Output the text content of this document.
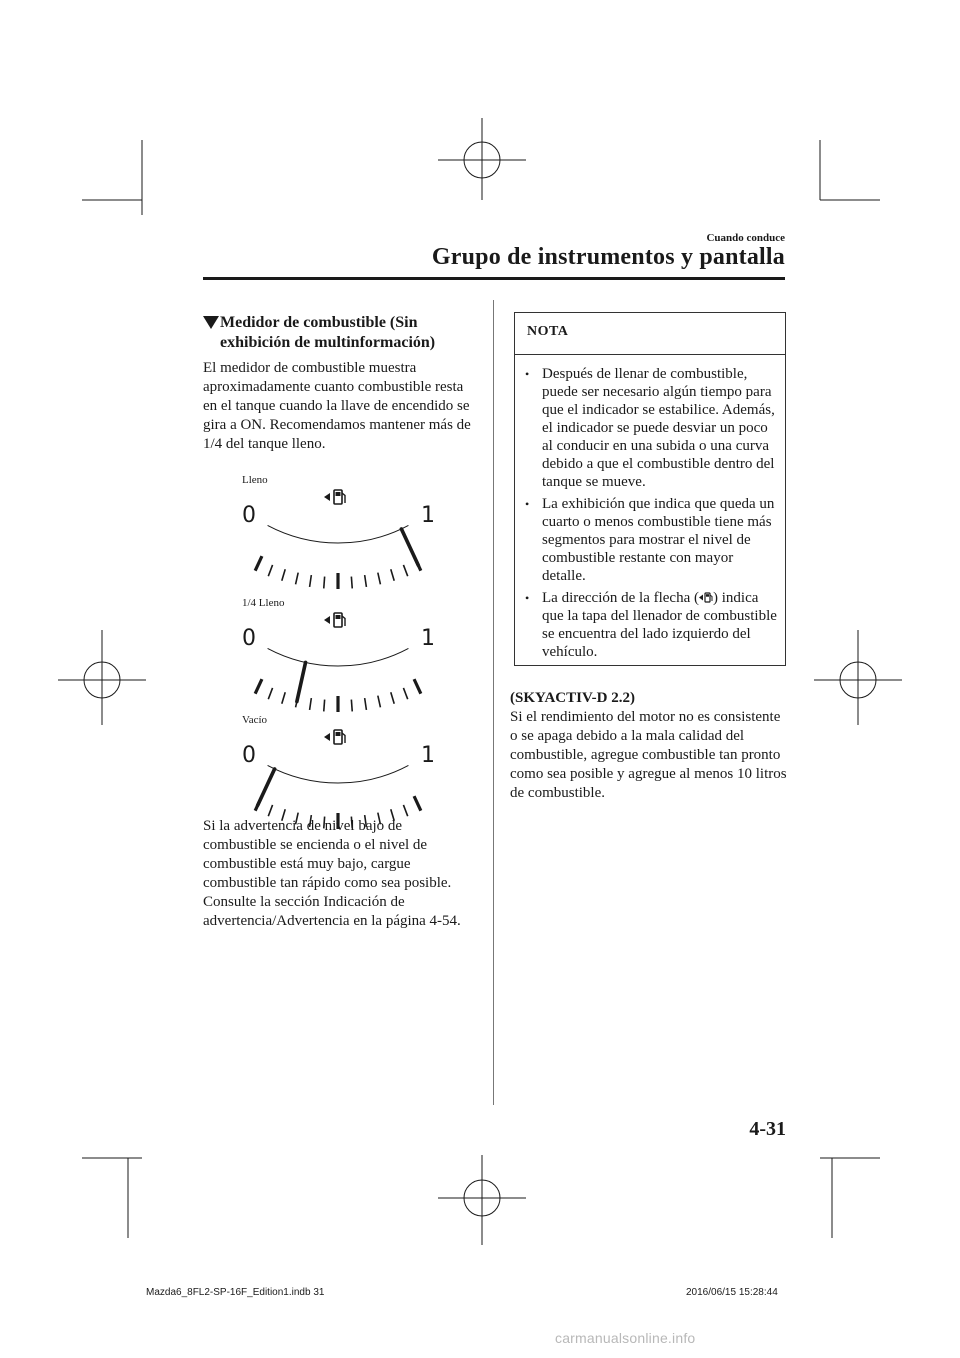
Cuando conduce
Grupo de instrumentos y pantalla
Medidor de combustible (Sin
exhibición de multinformación)
El medidor de combustible muestra aproximadamente cuanto combustible resta en el tanque cuando la llave de encendido se gira a ON. Recomendamos mantener más de 1/4 del tanque lleno.
Lleno
0	1
1/4 Lleno
0	1
Vacío
0	1
Si la advertencia de nivel bajo de combustible se encienda o el nivel de combustible está muy bajo, cargue combustible tan rápido como sea posible. Consulte la sección Indicación de advertencia/Advertencia en la página 4-54.
NOTA
• Después de llenar de combustible, puede ser necesario algún tiempo para que el indicador se estabilice. Además, el indicador se puede desviar un poco al conducir en una subida o una curva debido a que el combustible dentro del tanque se mueve.
• La exhibición que indica que queda un cuarto o menos combustible tiene más segmentos para mostrar el nivel de combustible restante con mayor detalle.
• La dirección de la flecha ( ) indica que la tapa del llenador de combustible se encuentra del lado izquierdo del vehículo.
(SKYACTIV-D 2.2)
Si el rendimiento del motor no es consistente o se apaga debido a la mala calidad del combustible, agregue combustible tan pronto como sea posible y agregue al menos 10 litros de combustible.
4-31
Mazda6_8FL2-SP-16F_Edition1.indb 31	2016/06/15 15:28:44
carmanualsonline.info
